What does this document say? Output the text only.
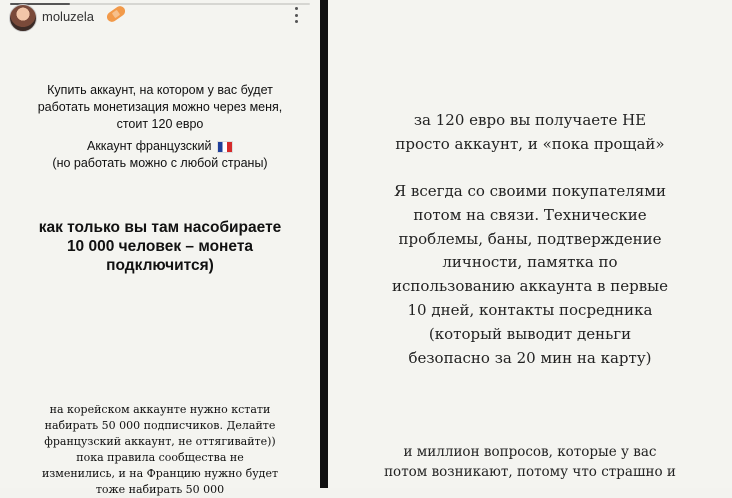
moluzela
Купить аккаунт, на котором у вас будет
работать монетизация можно через меня,
стоит 120 евро
Аккаунт французский
(но работать можно с любой страны)
как только вы там насобираете
10 000 человек – монета
подключится)
на корейском аккаунте нужно кстати
набирать 50 000 подписчиков. Делайте
французский аккаунт, не оттягивайте))
пока правила сообщества не
изменились, и на Францию нужно будет
тоже набирать 50 000
за 120 евро вы получаете НЕ
просто аккаунт, и «пока прощай»
Я всегда со своими покупателями
потом на связи. Технические
проблемы, баны, подтверждение
личности, памятка по
использованию аккаунта в первые
10 дней, контакты посредника
(который выводит деньги
безопасно за 20 мин на карту)
и миллион вопросов, которые у вас
потом возникают, потому что страшно и
